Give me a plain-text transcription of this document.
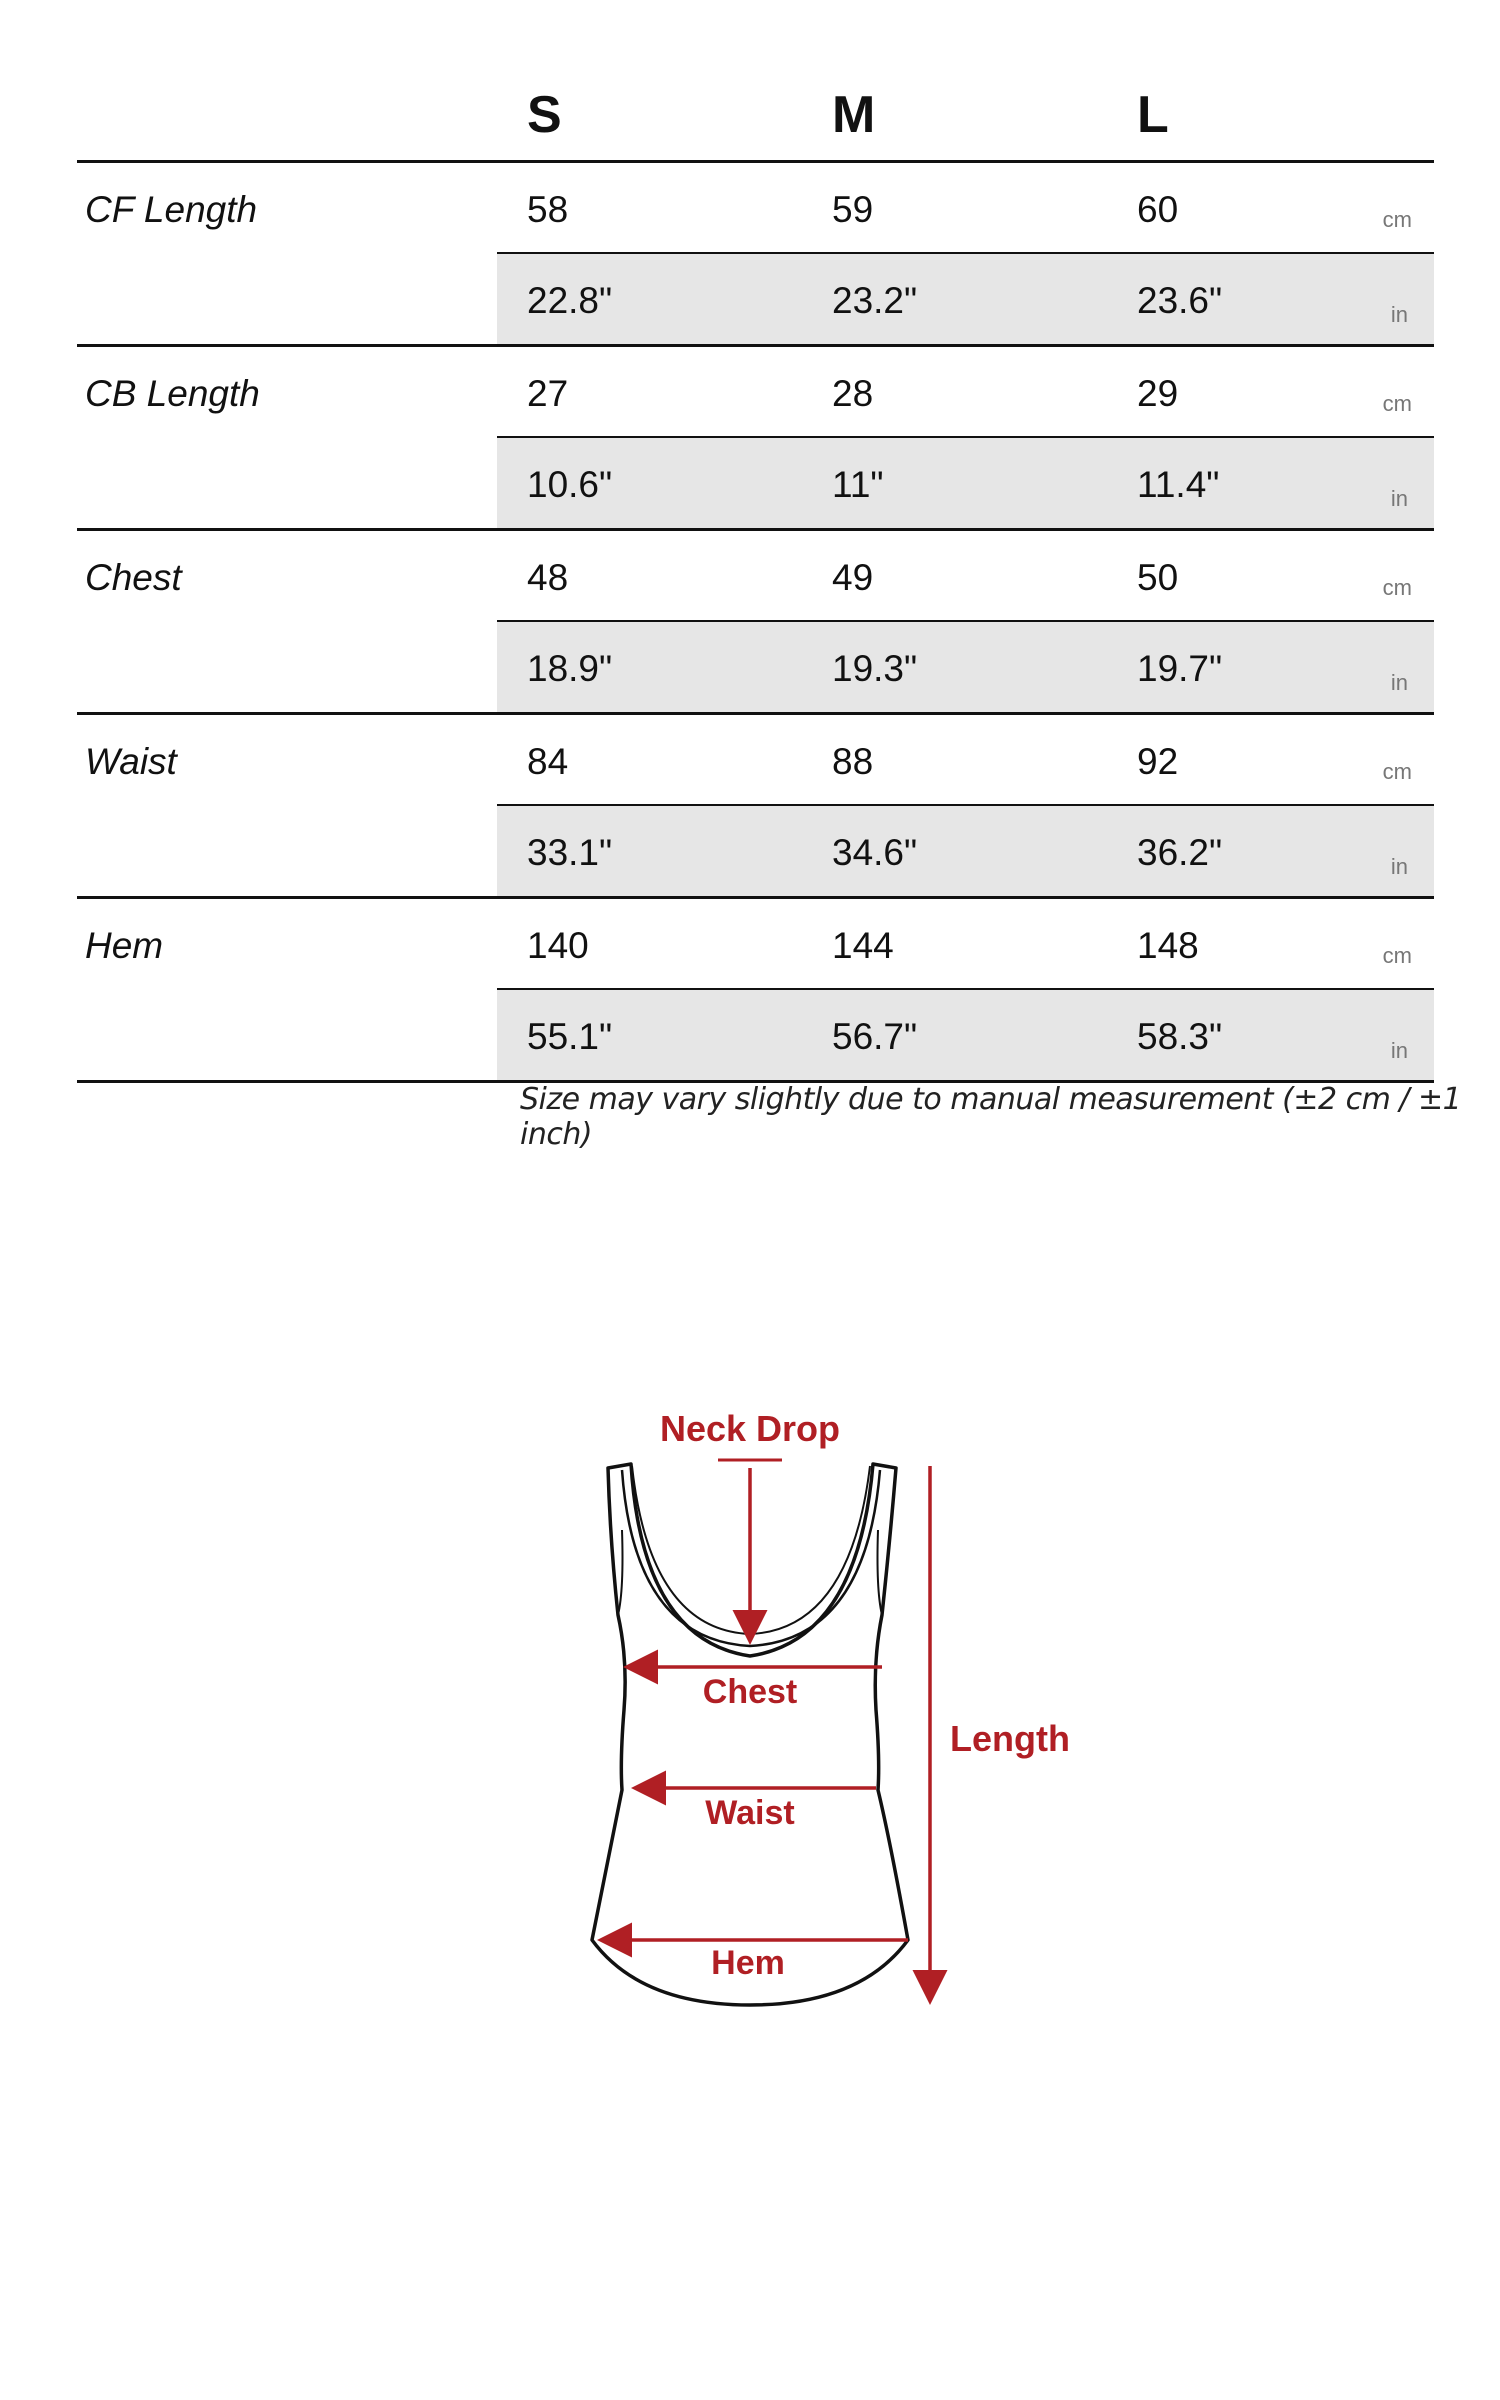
S	M	L
CF Length	58	59	60	cm
22.8"	23.2"	23.6"	in
CB Length	27	28	29	cm
10.6"	11"	11.4"	in
Chest	48	49	50	cm
18.9"	19.3"	19.7"	in
Waist	84	88	92	cm
33.1"	34.6"	36.2"	in
Hem	140	144	148	cm
55.1"	56.7"	58.3"	in
Size may vary slightly due to manual measurement (±2 cm / ±1 inch)
Neck Drop
Chest
Waist
Hem
Length
